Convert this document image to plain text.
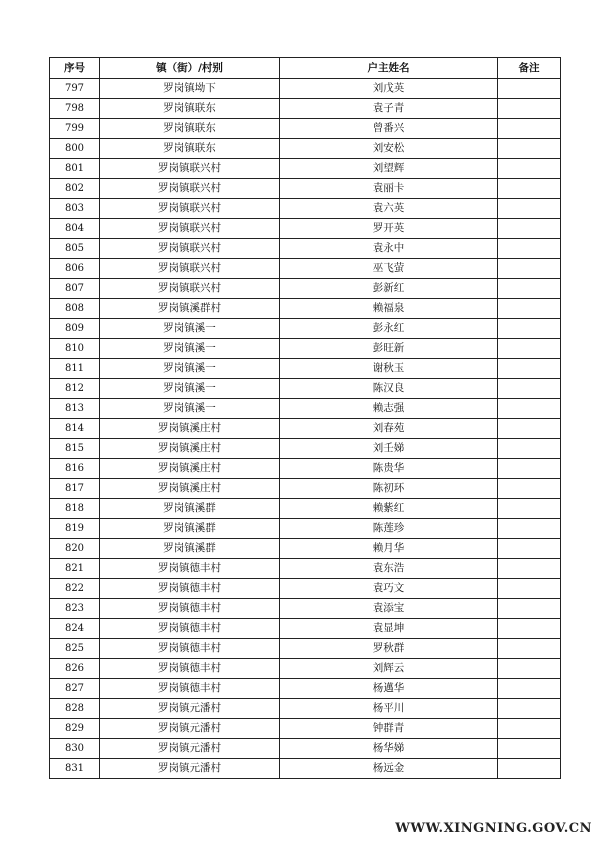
序号	镇（街）/村别	户主姓名	备注
797	罗岗镇坳下	刘戊英	
798	罗岗镇联东	袁子青	
799	罗岗镇联东	曾番兴	
800	罗岗镇联东	刘安松	
801	罗岗镇联兴村	刘望辉	
802	罗岗镇联兴村	袁丽卡	
803	罗岗镇联兴村	袁六英	
804	罗岗镇联兴村	罗开英	
805	罗岗镇联兴村	袁永中	
806	罗岗镇联兴村	巫飞萤	
807	罗岗镇联兴村	彭新红	
808	罗岗镇溪群村	赖福泉	
809	罗岗镇溪一	彭永红	
810	罗岗镇溪一	彭旺新	
811	罗岗镇溪一	谢秋玉	
812	罗岗镇溪一	陈汉良	
813	罗岗镇溪一	赖志强	
814	罗岗镇溪庄村	刘春苑	
815	罗岗镇溪庄村	刘壬娣	
816	罗岗镇溪庄村	陈贵华	
817	罗岗镇溪庄村	陈初环	
818	罗岗镇溪群	赖紫红	
819	罗岗镇溪群	陈莲珍	
820	罗岗镇溪群	赖月华	
821	罗岗镇德丰村	袁东浩	
822	罗岗镇德丰村	袁巧文	
823	罗岗镇德丰村	袁添宝	
824	罗岗镇德丰村	袁显坤	
825	罗岗镇德丰村	罗秋群	
826	罗岗镇德丰村	刘辉云	
827	罗岗镇德丰村	杨邁华	
828	罗岗镇元潘村	杨平川	
829	罗岗镇元潘村	钟群青	
830	罗岗镇元潘村	杨华娣	
831	罗岗镇元潘村	杨远金	
WWW.XINGNING.GOV.CN
